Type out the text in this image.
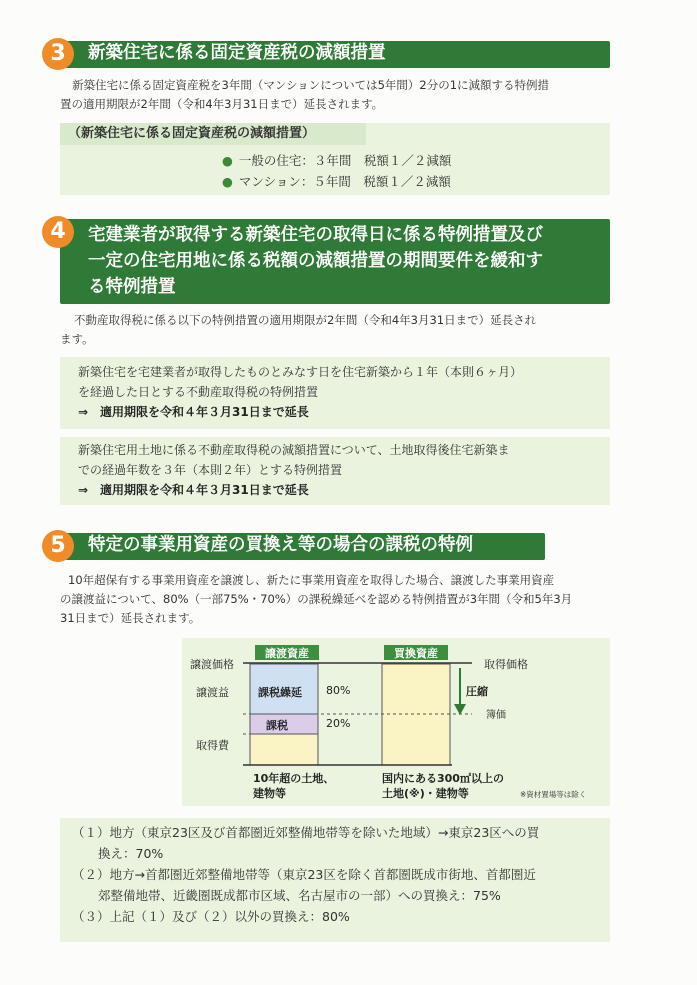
3	新築住宅に係る固定資産税の減額措置
新築住宅に係る固定資産税を3年間（マンションについては5年間）2分の1に減額する特例措
置の適用期限が2年間（令和4年3月31日まで）延長されます。
（新築住宅に係る固定資産税の減額措置）
● 一般の住宅：３年間　税額１／２減額
● マンション：５年間　税額１／２減額
4	宅建業者が取得する新築住宅の取得日に係る特例措置及び
一定の住宅用地に係る税額の減額措置の期間要件を緩和す
る特例措置
不動産取得税に係る以下の特例措置の適用期限が2年間（令和4年3月31日まで）延長され
ます。
新築住宅を宅建業者が取得したものとみなす日を住宅新築から１年（本則６ヶ月）
を経過した日とする不動産取得税の特例措置
⇒　適用期限を令和４年３月31日まで延長
新築住宅用土地に係る不動産取得税の減額措置について、土地取得後住宅新築ま
での経過年数を３年（本則２年）とする特例措置
⇒　適用期限を令和４年３月31日まで延長
5	特定の事業用資産の買換え等の場合の課税の特例
10年超保有する事業用資産を譲渡し、新たに事業用資産を取得した場合、譲渡した事業用資産
の譲渡益について、80%（一部75%・70%）の課税繰延べを認める特例措置が3年間（令和5年3月
31日まで）延長されます。
譲渡資産	買換資産
譲渡価格
譲渡益
取得費
取得価格
圧縮
簿価
課税繰延 80%
課税	20%
10年超の土地、
建物等
国内にある300㎡以上の
土地(※)・建物等	※資材置場等は除く
（１）地方（東京23区及び首都圏近郊整備地帯等を除いた地域）→東京23区への買
換え：70%
（２）地方→首都圏近郊整備地帯等（東京23区を除く首都圏既成市街地、首都圏近
郊整備地帯、近畿圏既成都市区域、名古屋市の一部）への買換え：75%
（３）上記（１）及び（２）以外の買換え：80%
